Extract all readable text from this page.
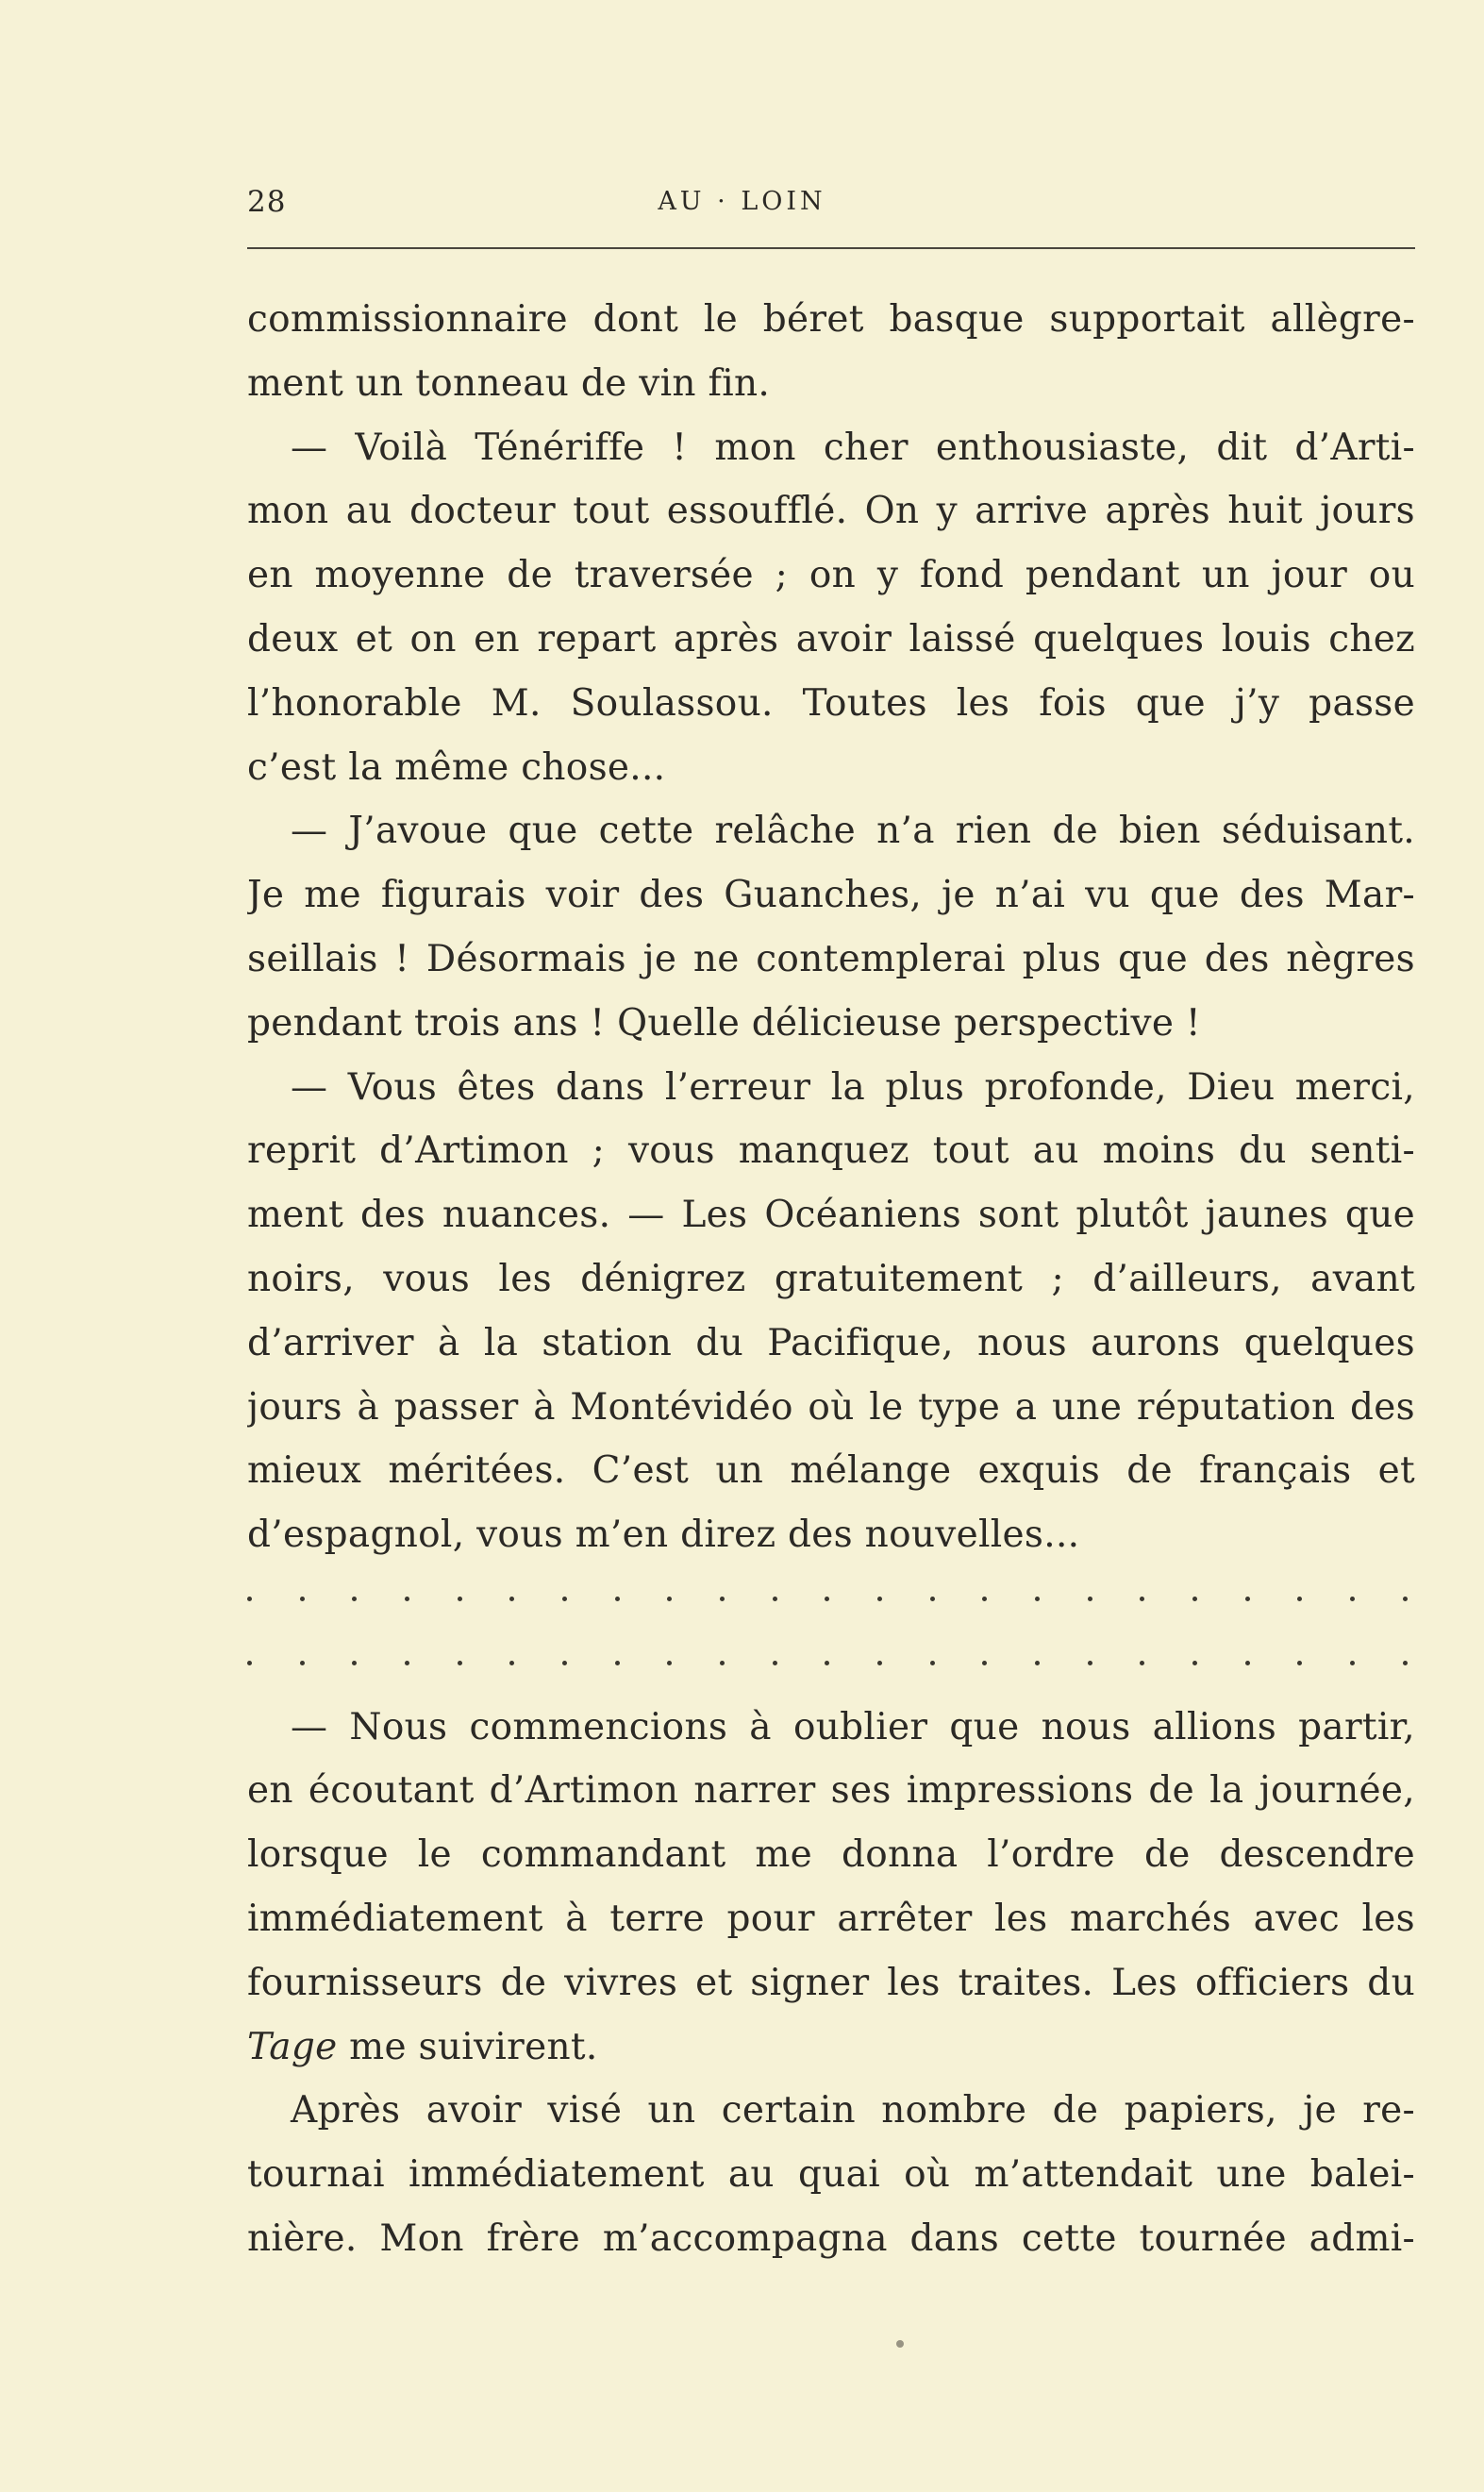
28	AU · LOIN
commissionnaire dont le béret basque supportait allègre-
ment un tonneau de vin fin.
— Voilà Ténériffe ! mon cher enthousiaste, dit d’Arti-
mon au docteur tout essoufflé. On y arrive après huit jours
en moyenne de traversée ; on y fond pendant un jour ou
deux et on en repart après avoir laissé quelques louis chez
l’honorable M. Soulassou. Toutes les fois que j’y passe
c’est la même chose...
— J’avoue que cette relâche n’a rien de bien séduisant.
Je me figurais voir des Guanches, je n’ai vu que des Mar-
seillais ! Désormais je ne contemplerai plus que des nègres
pendant trois ans ! Quelle délicieuse perspective !
— Vous êtes dans l’erreur la plus profonde, Dieu merci,
reprit d’Artimon ; vous manquez tout au moins du senti-
ment des nuances. — Les Océaniens sont plutôt jaunes que
noirs, vous les dénigrez gratuitement ; d’ailleurs, avant
d’arriver à la station du Pacifique, nous aurons quelques
jours à passer à Montévidéo où le type a une réputation des
mieux méritées. C’est un mélange exquis de français et
d’espagnol, vous m’en direz des nouvelles...
— Nous commencions à oublier que nous allions partir,
en écoutant d’Artimon narrer ses impressions de la journée,
lorsque le commandant me donna l’ordre de descendre
immédiatement à terre pour arrêter les marchés avec les
fournisseurs de vivres et signer les traites. Les officiers du
Tage me suivirent.
Après avoir visé un certain nombre de papiers, je re-
tournai immédiatement au quai où m’attendait une balei-
nière. Mon frère m’accompagna dans cette tournée admi-
